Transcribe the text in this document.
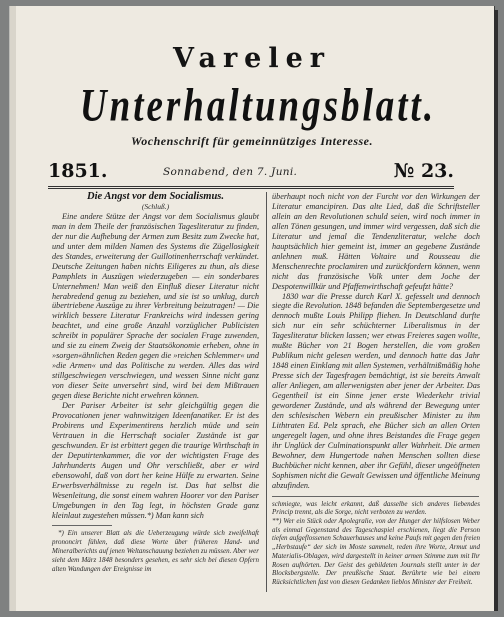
Vareler
Unterhaltungsblatt.
Wochenschrift für gemeinnütziges Interesse.
1851.	Sonnabend, den 7. Juni.	№ 23.

Die Angst vor dem Socialismus.

(Schluß.)

Eine andere Stütze der Angst vor dem Socialismus glaubt man in dem Theile der französischen Tagesliteratur zu finden, der nur die Aufhebung der Armen zum Besitz zum Zwecke hat, und unter dem milden Namen des Systems die Zügellosigkeit des Standes, erweiterung der Guillotinenherrschaft verkündet. Deutsche Zeitungen haben nichts Eiligeres zu thun, als diese Pamphlets in Auszügen wiederzugeben — ein sonderbares Unternehmen! Man weiß den Einfluß dieser Literatur nicht herabredend genug zu beziehen, und sie ist so unklug, durch übertriebene Auszüge zu ihrer Verbreitung beizutragen! — Die wirklich bessere Literatur Frankreichs wird indessen gering beachtet, und eine große Anzahl vorzüglicher Publicisten schreibt in populärer Sprache der socialen Frage zuwenden, und sie zu einem Zweig der Staatsökonomie erheben, ohne in »sorgen«ähnlichen Reden gegen die »reichen Schlemmer« und »die Armen« und das Politische zu werden. Alles das wird stillgeschwiegen verschwiegen, und wessen Sinne nicht ganz von dieser Seite unversehrt sind, wird bei dem Mißtrauen gegen diese Berichte nicht erwehren können.

Der Pariser Arbeiter ist sehr gleichgültig gegen die Provocationen jener wahnwitzigen Ideenfanatiker. Er ist des Probirens und Experimentirens herzlich müde und sein Vertrauen in die Herrschaft socialer Zustände ist gar geschwunden. Er ist erbittert gegen die traurige Wirthschaft in der Deputirtenkammer, die vor der wichtigsten Frage des Jahrhunderts Augen und Ohr verschließt, aber er wird ebensowohl, daß von dort her keine Hülfe zu erwarten. Seine Erwerbsverhältnisse zu regeln ist. Das hat selbst die Wesenleitung, die sonst einem wahren Hoorer vor den Pariser Umgebungen in den Tag legt, in höchsten Grade ganz kleinlaut zugestehen müssen.*) Man kann sich

*) Ein unserer Blatt als die Ueberzeugung würde sich zweifelhaft prononcirt fühlen, daß diese Worte über früheren Hand- und Mineralberichts auf jenen Weltanschauung beziehen zu müssen. Aber wer sieht dem März 1848 besonders gesehen, es sehr sich bei diesen Opfern alten Wandungen der Ereignisse im

überhaupt noch nicht von der Furcht vor den Wirkungen der Literatur emancipiren. Das alte Lied, daß die Schriftsteller allein an den Revolutionen schuld seien, wird noch immer in allen Tönen gesungen, und immer wird vergessen, daß sich die Literatur und jemal die Tendenzliteratur, welche doch hauptsächlich hier gemeint ist, immer an gegebene Zustände anlehnen muß. Hätten Voltaire und Rousseau die Menschenrechte proclamiren und zurückfordern können, wenn nicht das französische Volk unter dem Joche der Despotenwillkür und Pfaffenwirthschaft gefeufzt hätte?

1830 war die Presse durch Karl X. gefesselt und dennoch siegte die Revolution. 1848 befanden die Septembergesetze und dennoch mußte Louis Philipp fliehen. In Deutschland durfte sich nur ein sehr schüchterner Liberalismus in der Tagesliteratur blicken lassen; wer etwas Freieres sagen wollte, mußte Bücher von 21 Bogen herstellen, die vom großen Publikum nicht gelesen werden, und dennoch hatte das Jahr 1848 einen Einklang mit allen Systemen, verhältnißmäßig hohe Presse sich der Tagesfragen bemächtigt, ist sie bereits Anwalt aller Anliegen, am allerwenigsten aber jener der Arbeiter. Das Gegentheil ist ein Sinne jener erste Wiederkehr trivial gewordener Zustände, und als während der Bewegung unter den schlesischen Webern ein preußischer Minister zu ihm Lithtraten Ed. Pelz sprach, ehe Bücher sich an allen Orten ungeregelt lagen, und ohne ihres Beistandes die Frage gegen ihr Unglück der Culminationspunkt aller Wahrheit. Die armen Bewohner, dem Hungertode nahen Menschen sollten diese Buchbücher nicht kennen, aber ihr Gefühl, dieser ungeöffneten Sophismen nicht die Gewalt Gewissen und öffentliche Meinung abzufinden.

schmiegte, was leicht erkannt, daß dasselbe sich anderes liebendes Princip trennt, als die Sorge, nicht verboten zu werden.

**) Wer ein Stück oder Apolegralie, von der Hunger der hilfslosen Weber als einmal Gegenstand des Tageschaspiel erschienen, liegt die Person tiefen aufgeflossenen Schauerhauses und keine Paufs mit gegen den freien „Herbstaufe“ der sich im Moste sammelt, reden ihre Worte, Armut und Materialis-Oblagen, wird dargestellt in keiner armen Stimme zum mit Ihr Rosen aufhörten. Der Geist des gebildeten Journals stellt unter in der Blocksbergstelle. Der preußische Staat. Berührte wie bei einem Rücksichtlichen fast von diesen Gedanken lieblos Minister der Freiheit.
